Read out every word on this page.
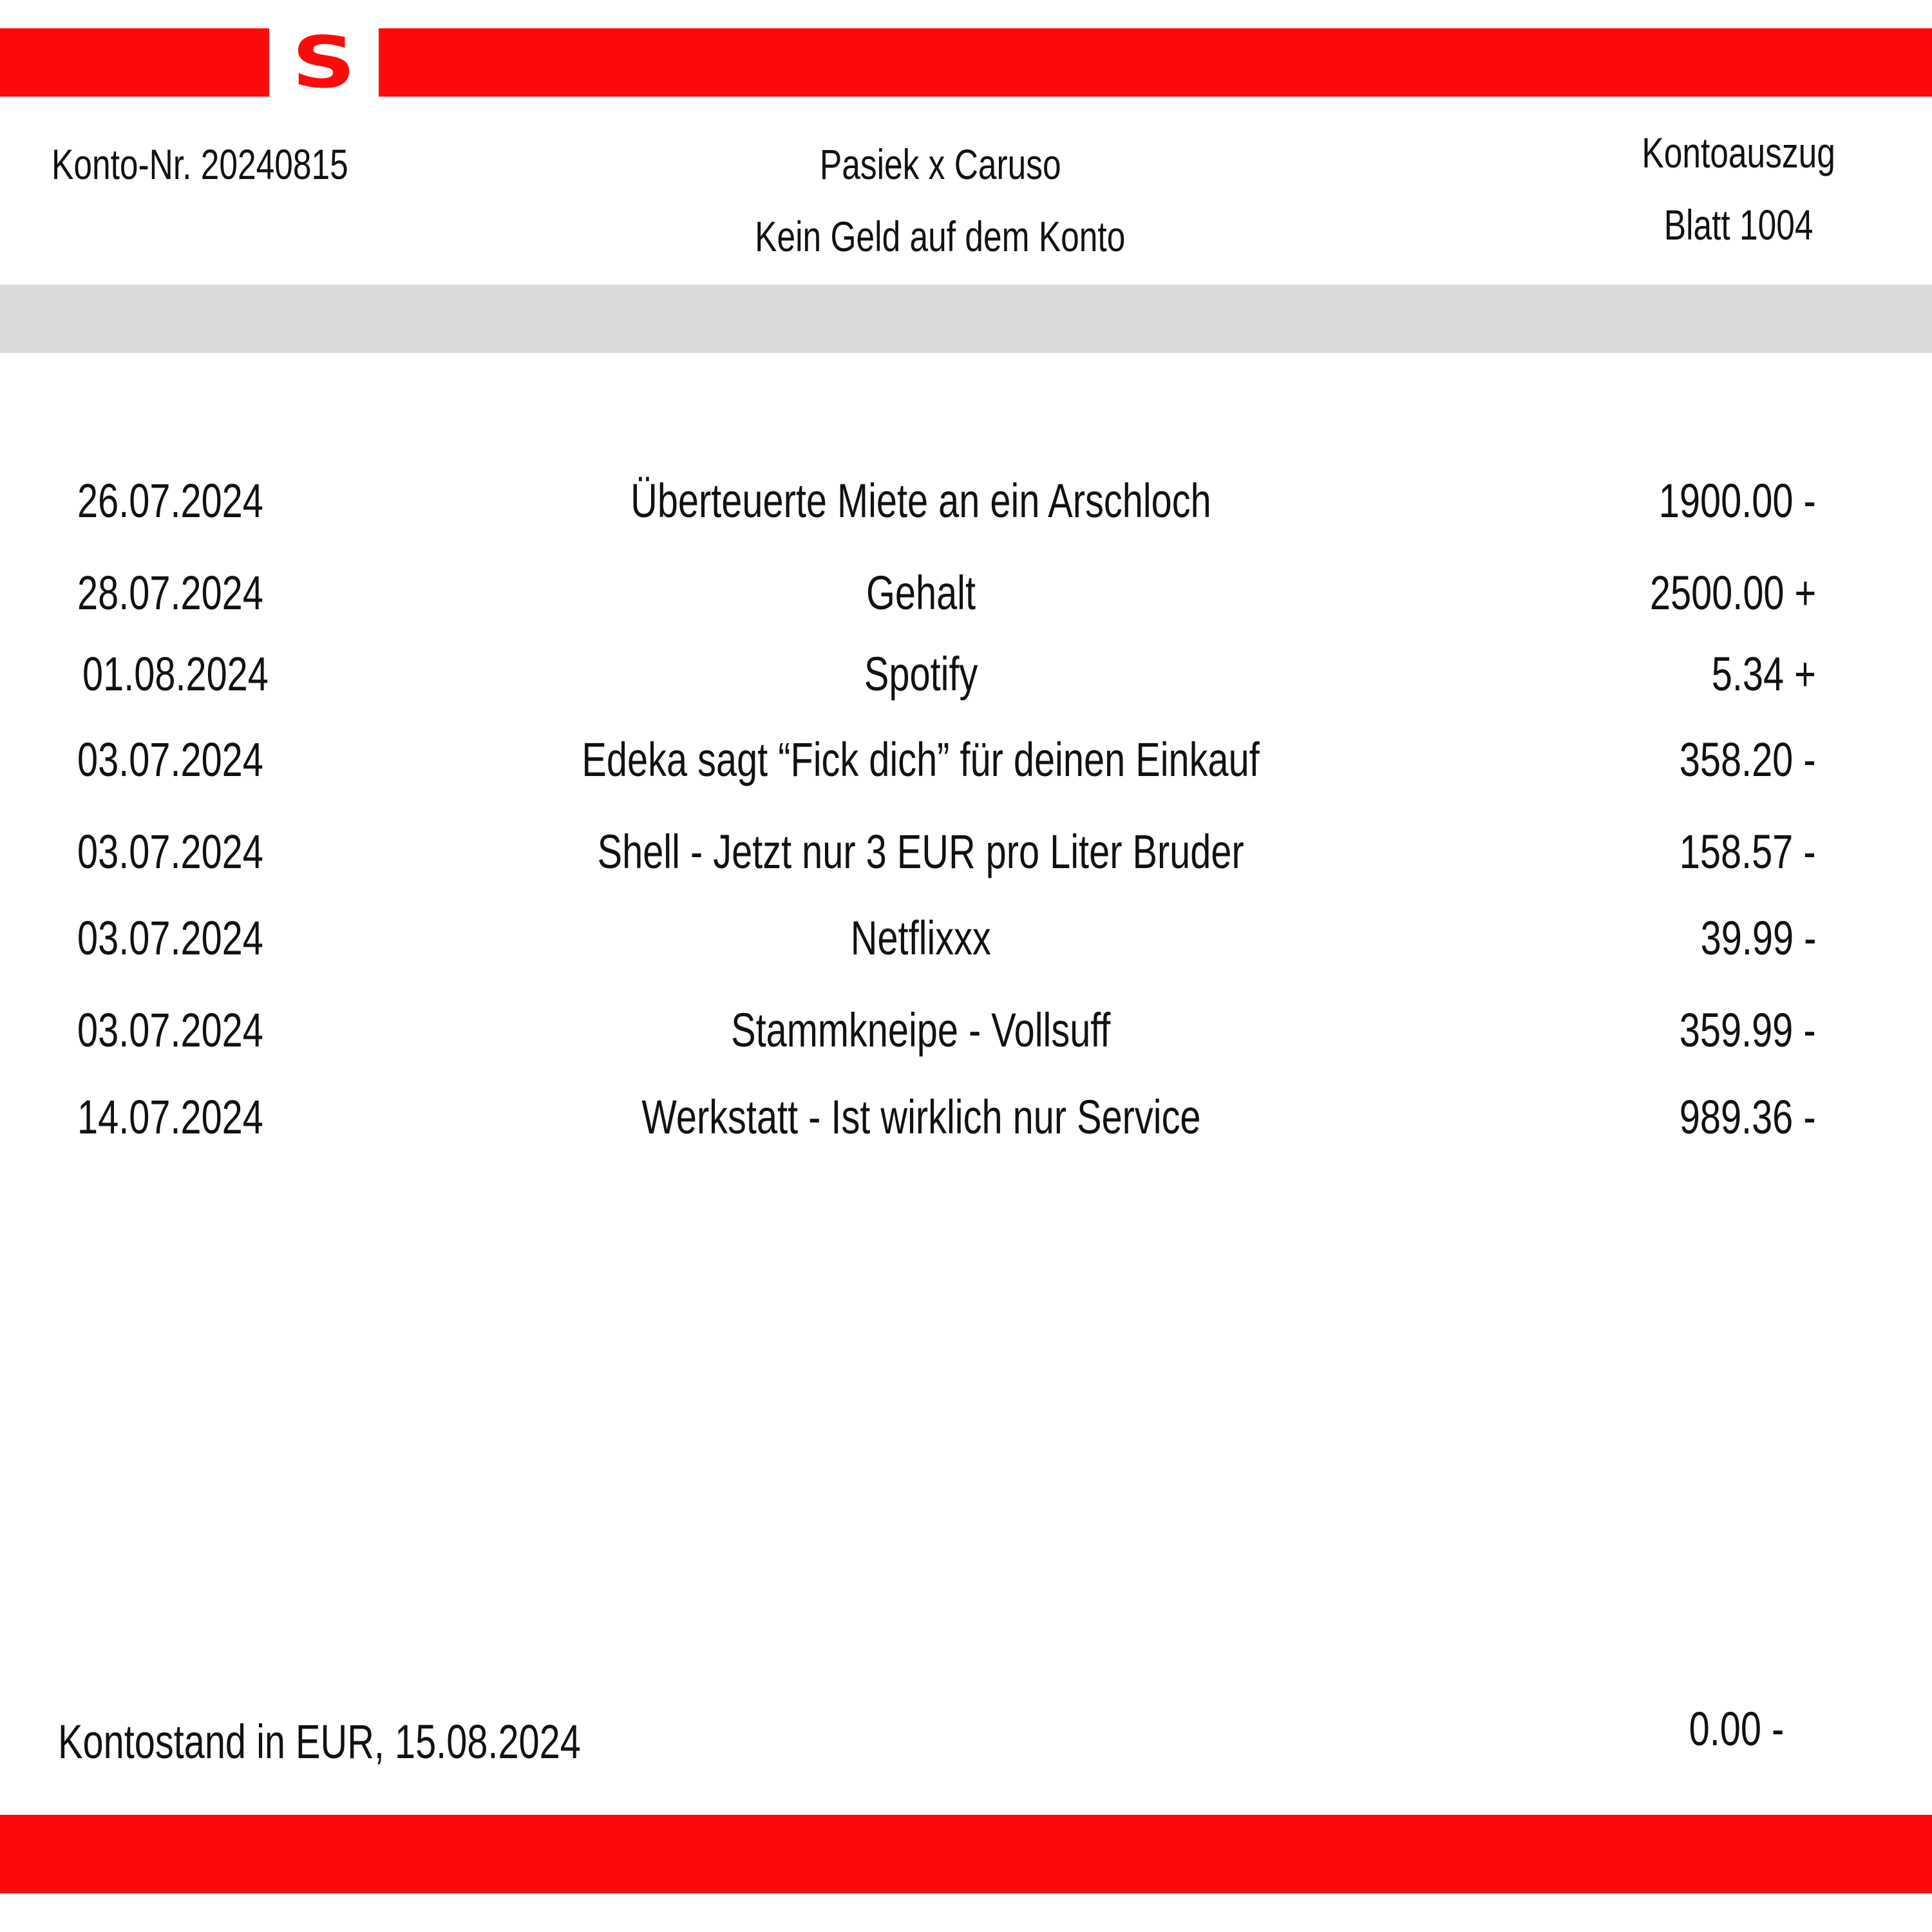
S
Konto-Nr. 20240815	Pasiek x Caruso
Kein Geld auf dem Konto
Kontoauszug
Blatt 1004
26.07.2024	Überteuerte Miete an ein Arschloch	1900.00 -
28.07.2024	Gehalt	2500.00 +
01.08.2024	Spotify	5.34 +
03.07.2024	Edeka sagt “Fick dich” für deinen Einkauf	358.20 -
03.07.2024	Shell - Jetzt nur 3 EUR pro Liter Bruder	158.57 -
03.07.2024	Netflixxx	39.99 -
03.07.2024	Stammkneipe - Vollsuff	359.99 -
14.07.2024	Werkstatt - Ist wirklich nur Service	989.36 -
Kontostand in EUR, 15.08.2024	0.00 -
